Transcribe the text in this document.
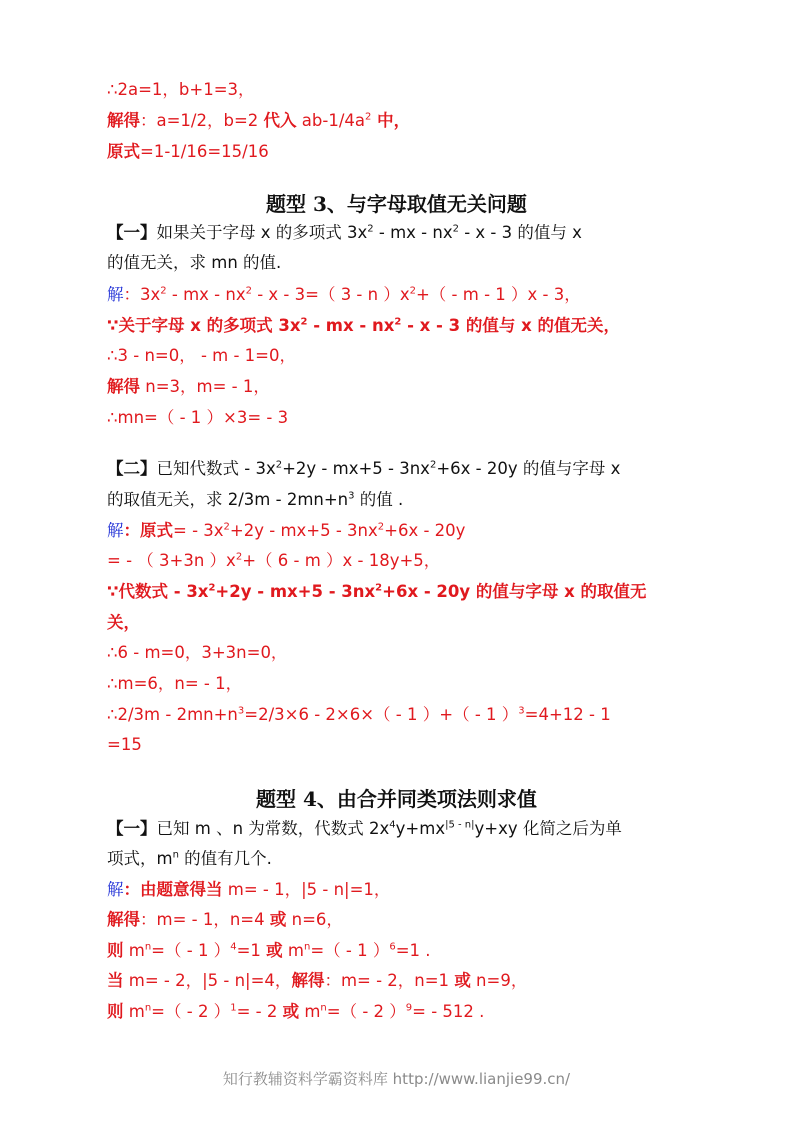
∴2a=1，b+1=3，
解得：a=1/2，b=2 代入 $ab-1/4a^2$ 中，
原式=1-1/16=15/16
题型 3、与字母取值无关问题
【一】如果关于字母 x 的多项式 $3x^2$ - mx - $nx^2$ - x - 3 的值与 x
的值无关，求 mn 的值.
解：$3x^2$ - mx - $nx^2 - x - 3=$（ 3 - n ）$x^2+( - m - 1$ ）x - 3，
∵关于字母 x 的多项式 $3x^2$ - mx - $nx^2$ - x - 3 的值与 x 的值无关，
∴3 - n=0， - m - 1=0，
解得 n=3，m= - 1，
∴mn=（ - 1 ）×3= - 3
【二】已知代数式 - $3x^2+2y - mx+5 - 3nx^2+6x - 20y$ 的值与字母 x
的取值无关，求 $2/3m - 2mn+n^3$ 的值 .
解：原式= - $3x^2+2y - mx+5 - 3nx^2+6x - 20y$
= - （ 3+3n ）$x^2+$（ 6 - m ）x - 18y+5，
∵代数式 - $3x^2+2y - mx+5 - 3nx^2+6x - 20y$ 的值与字母 x 的取值无
关，
∴6 - m=0，3+3n=0，
∴m=6，n= - 1，
∴2/3m - $2mn+n^3=2/3\times 6 - 2\times 6\times( - 1$ ）+（ - 1 ）$^3$=4+12 - 1
=15
题型 4、由合并同类项法则求值
【一】已知 m 、n 为常数，代数式 $2x^4y+mx^{|5 - n|}y+xy$ 化简之后为单
项式，$m^n$ 的值有几个.
解：由题意得当 m= - 1，|5 - n|=1，
解得：m= - 1，n=4 或 n=6，
则 $m^n=( - 1$ ）$^4$=1 或 $m^n=( - 1$ ）$^6$=1 .
当 m= - 2，|5 - n|=4，解得：m= - 2，n=1 或 n=9，
则 $m^n=( - 2$ ）$^1$= - 2 或 $m^n=( - 2$ ）$^9$= - 512 .
知行教辅资料学霸资料库 http://www.lianjie99.cn/
